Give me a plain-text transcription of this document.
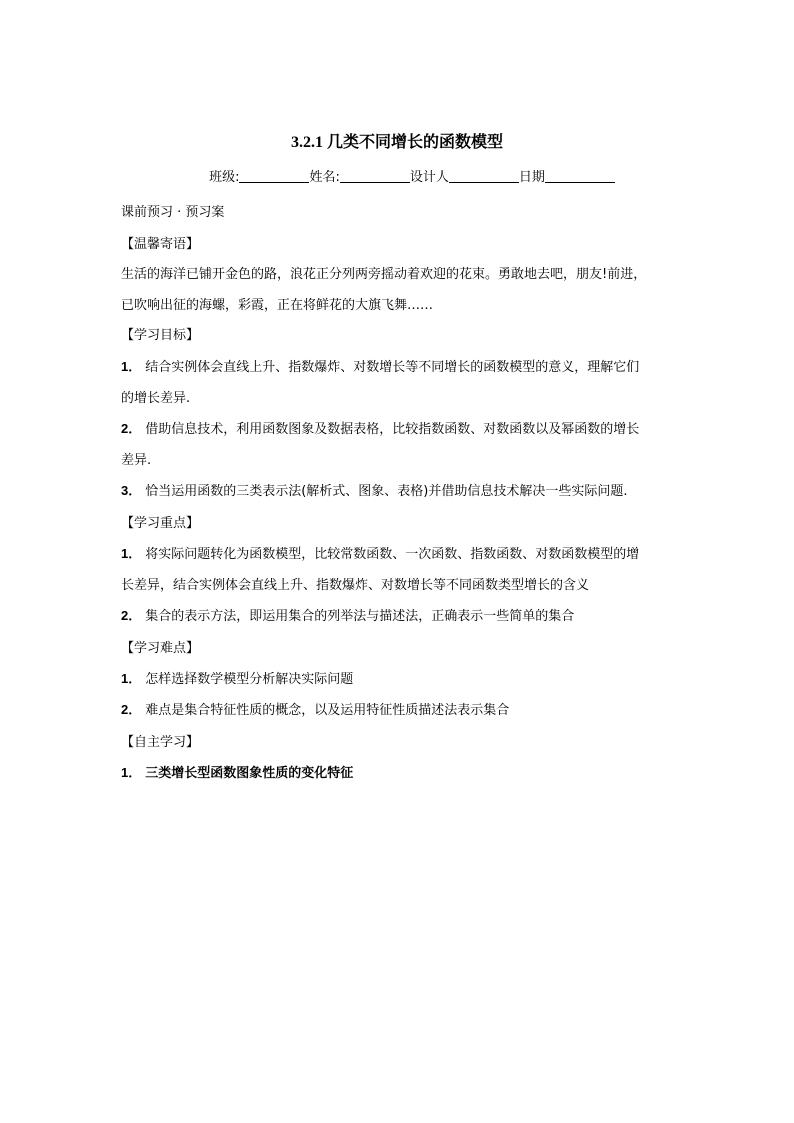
3.2.1 几类不同增长的函数模型
班级:	姓名:	设计人	日期
课前预习 · 预习案
【温馨寄语】
生活的海洋已铺开金色的路，浪花正分列两旁摇动着欢迎的花束。勇敢地去吧，朋友!前进，
已吹响出征的海螺，彩霞，正在将鲜花的大旗飞舞……
【学习目标】
1． 结合实例体会直线上升、指数爆炸、对数增长等不同增长的函数模型的意义，理解它们
的增长差异.
2． 借助信息技术，利用函数图象及数据表格，比较指数函数、对数函数以及幂函数的增长
差异.
3． 恰当运用函数的三类表示法(解析式、图象、表格)并借助信息技术解决一些实际问题.
【学习重点】
1． 将实际问题转化为函数模型，比较常数函数、一次函数、指数函数、对数函数模型的增
长差异，结合实例体会直线上升、指数爆炸、对数增长等不同函数类型增长的含义
2． 集合的表示方法，即运用集合的列举法与描述法，正确表示一些简单的集合
【学习难点】
1． 怎样选择数学模型分析解决实际问题
2． 难点是集合特征性质的概念，以及运用特征性质描述法表示集合
【自主学习】
1． 三类增长型函数图象性质的变化特征
